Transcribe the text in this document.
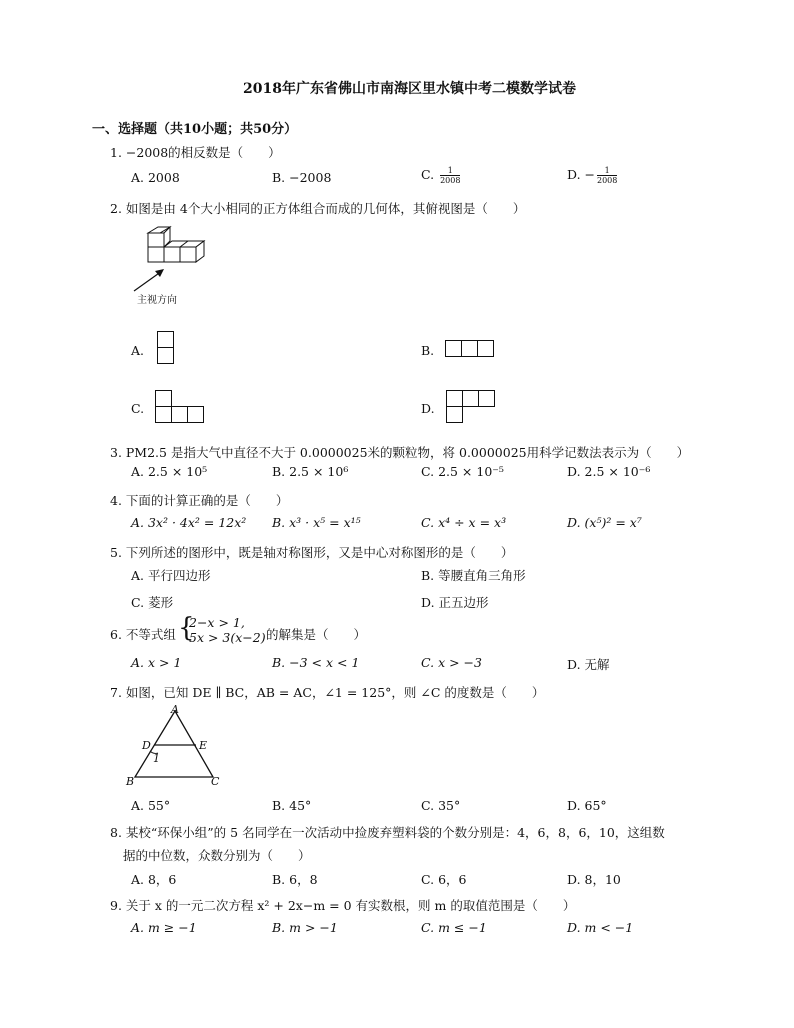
2018年广东省佛山市南海区里水镇中考二模数学试卷
一、选择题（共10小题；共50分）
1. −2008的相反数是（　　）
A. 2008	B. −2008	C. $\frac{1}{2008}$	D. − $\frac{1}{2008}$
2. 如图是由 4个大小相同的正方体组合而成的几何体，其俯视图是（　　）
主视方向
A.	B.
C.	D.
3. PM2.5 是指大气中直径不大于 0.0000025米的颗粒物，将 0.0000025用科学记数法表示为（　　）
A. 2.5 × 10⁵	B. 2.5 × 10⁶	C. 2.5 × 10⁻⁵	D. 2.5 × 10⁻⁶
4. 下面的计算正确的是（　　）
A. 3x² · 4x² = 12x² B. x³ · x⁵ = x¹⁵	C. x⁴ ÷ x = x³	D. (x⁵)² = x⁷
5. 下列所述的图形中，既是轴对称图形，又是中心对称图形的是（　　）
A. 平行四边形	B. 等腰直角三角形
C. 菱形	D. 正五边形
6. 不等式组 {
2−x > 1,
5x > 3(x−2) 的解集是（　　）
A. x > 1	B. −3 < x < 1	C. x > −3	D. 无解
7. 如图，已知 DE ∥ BC，AB = AC，∠1 = 125°，则 ∠C 的度数是（　　）
A
D	E
1
B	C
A. 55°	B. 45°	C. 35°	D. 65°
8. 某校“环保小组”的 5 名同学在一次活动中捡废弃塑料袋的个数分别是：4，6，8，6，10，这组数
据的中位数，众数分别为（　　）
A. 8，6	B. 6，8	C. 6，6	D. 8，10
9. 关于 x 的一元二次方程 x² + 2x−m = 0 有实数根，则 m 的取值范围是（　　）
A. m ≥ −1	B. m > −1	C. m ≤ −1	D. m < −1
